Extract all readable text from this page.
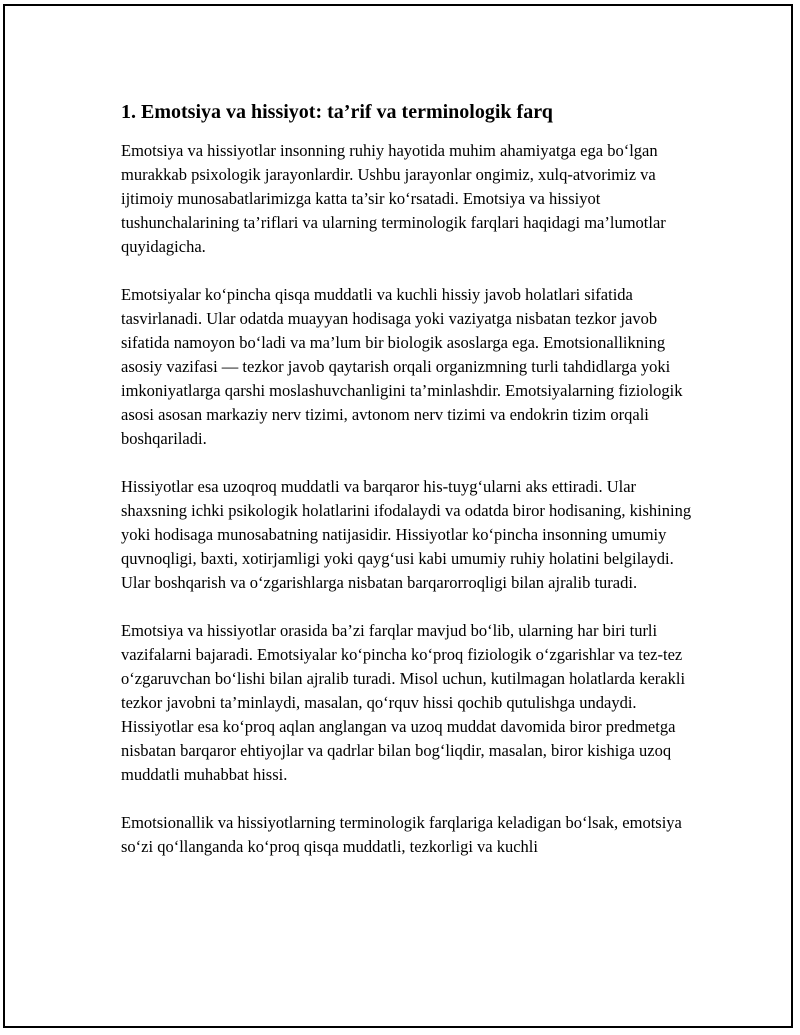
1. Emotsiya va hissiyot: ta’rif va terminologik farq

Emotsiya va hissiyotlar insonning ruhiy hayotida muhim ahamiyatga ega bo‘lgan murakkab psixologik jarayonlardir. Ushbu jarayonlar ongimiz, xulq-atvorimiz va ijtimoiy munosabatlarimizga katta ta’sir ko‘rsatadi. Emotsiya va hissiyot tushunchalarining ta’riflari va ularning terminologik farqlari haqidagi ma’lumotlar quyidagicha.

Emotsiyalar ko‘pincha qisqa muddatli va kuchli hissiy javob holatlari sifatida tasvirlanadi. Ular odatda muayyan hodisaga yoki vaziyatga nisbatan tezkor javob sifatida namoyon bo‘ladi va ma’lum bir biologik asoslarga ega. Emotsionallikning asosiy vazifasi — tezkor javob qaytarish orqali organizmning turli tahdidlarga yoki imkoniyatlarga qarshi moslashuvchanligini ta’minlashdir. Emotsiyalarning fiziologik asosi asosan markaziy nerv tizimi, avtonom nerv tizimi va endokrin tizim orqali boshqariladi.

Hissiyotlar esa uzoqroq muddatli va barqaror his-tuyg‘ularni aks ettiradi. Ular shaxsning ichki psikologik holatlarini ifodalaydi va odatda biror hodisaning, kishining yoki hodisaga munosabatning natijasidir. Hissiyotlar ko‘pincha insonning umumiy quvnoqligi, baxti, xotirjamligi yoki qayg‘usi kabi umumiy ruhiy holatini belgilaydi. Ular boshqarish va o‘zgarishlarga nisbatan barqarorroqligi bilan ajralib turadi.

Emotsiya va hissiyotlar orasida ba’zi farqlar mavjud bo‘lib, ularning har biri turli vazifalarni bajaradi. Emotsiyalar ko‘pincha ko‘proq fiziologik o‘zgarishlar va tez-tez o‘zgaruvchan bo‘lishi bilan ajralib turadi. Misol uchun, kutilmagan holatlarda kerakli tezkor javobni ta’minlaydi, masalan, qo‘rquv hissi qochib qutulishga undaydi. Hissiyotlar esa ko‘proq aqlan anglangan va uzoq muddat davomida biror predmetga nisbatan barqaror ehtiyojlar va qadrlar bilan bog‘liqdir, masalan, biror kishiga uzoq muddatli muhabbat hissi.

Emotsionallik va hissiyotlarning terminologik farqlariga keladigan bo‘lsak, emotsiya so‘zi qo‘llanganda ko‘proq qisqa muddatli, tezkorligi va kuchli
